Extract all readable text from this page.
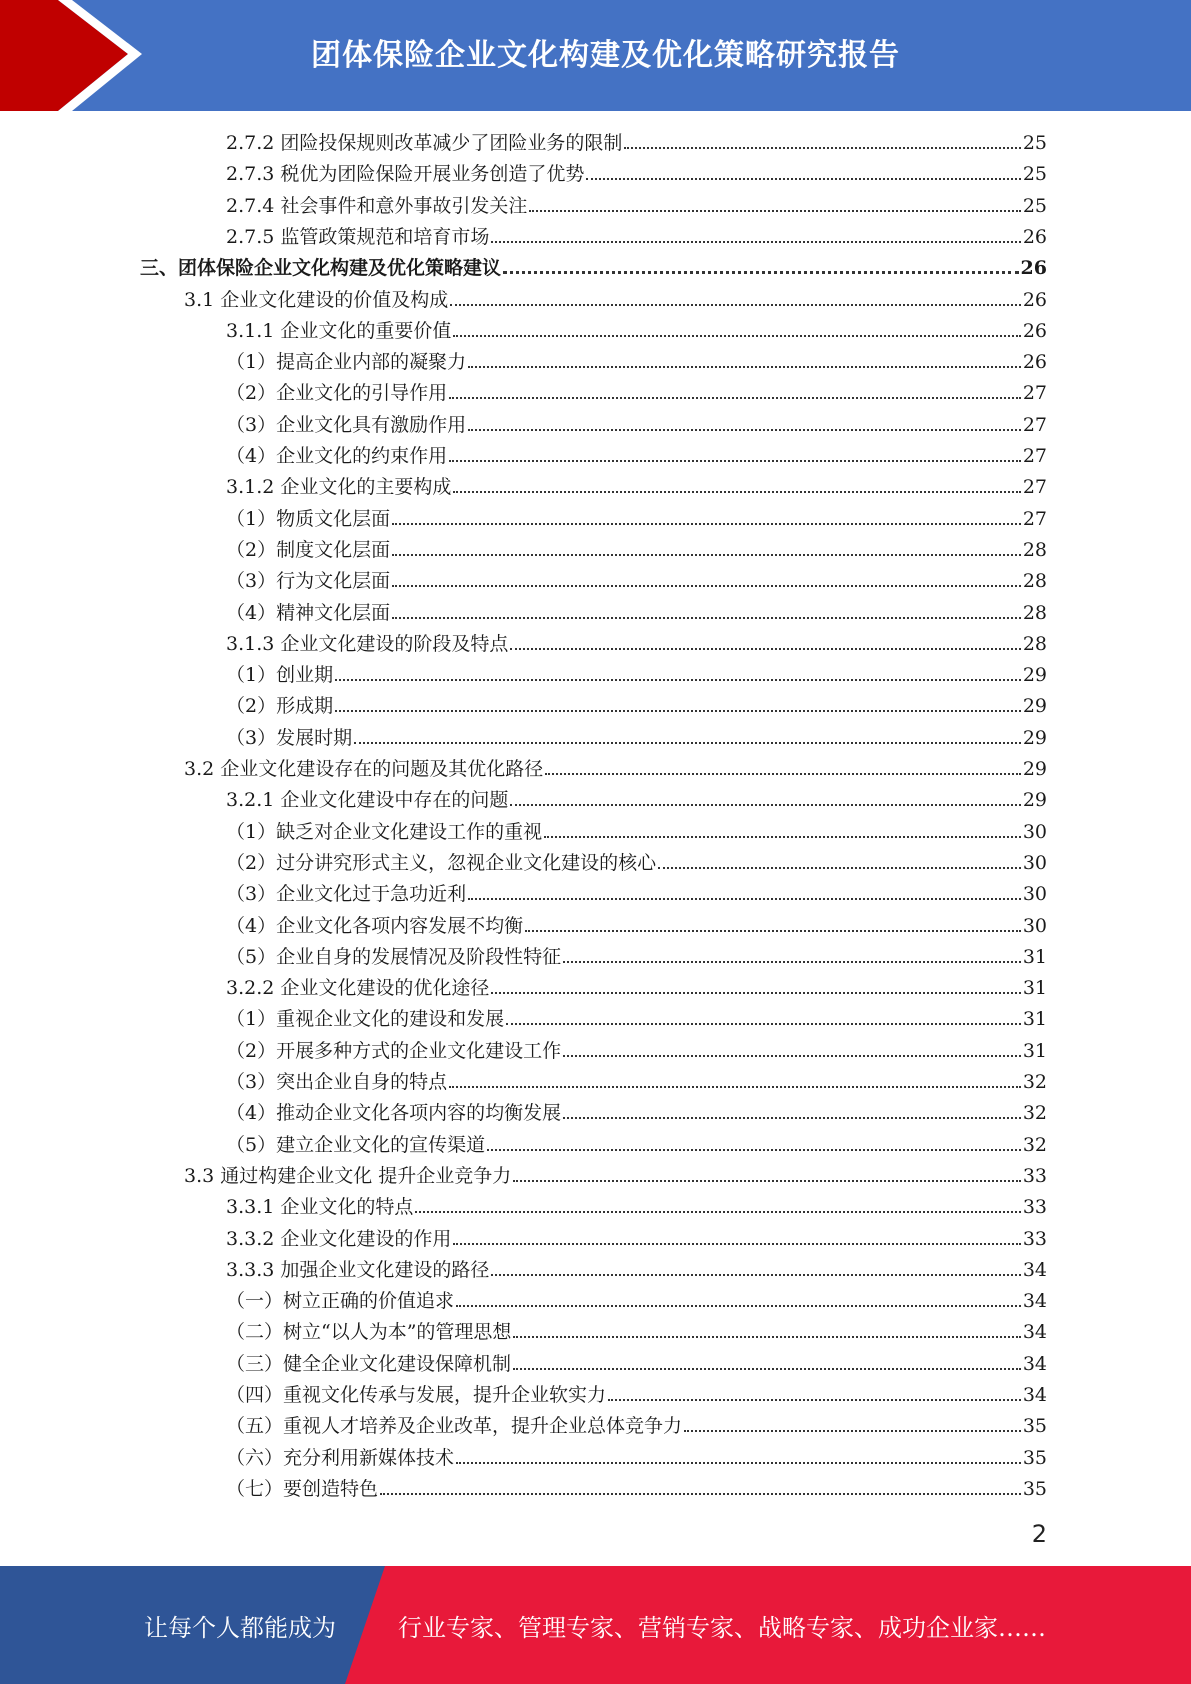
团体保险企业文化构建及优化策略研究报告
2.7.2 团险投保规则改革减少了团险业务的限制	25
2.7.3 税优为团险保险开展业务创造了优势	25
2.7.4 社会事件和意外事故引发关注	25
2.7.5 监管政策规范和培育市场	26
三、团体保险企业文化构建及优化策略建议	26
3.1 企业文化建设的价值及构成	26
3.1.1 企业文化的重要价值	26
（1）提高企业内部的凝聚力	26
（2）企业文化的引导作用	27
（3）企业文化具有激励作用	27
（4）企业文化的约束作用	27
3.1.2 企业文化的主要构成	27
（1）物质文化层面	27
（2）制度文化层面	28
（3）行为文化层面	28
（4）精神文化层面	28
3.1.3 企业文化建设的阶段及特点	28
（1）创业期	29
（2）形成期	29
（3）发展时期	29
3.2 企业文化建设存在的问题及其优化路径	29
3.2.1 企业文化建设中存在的问题	29
（1）缺乏对企业文化建设工作的重视	30
（2）过分讲究形式主义，忽视企业文化建设的核心	30
（3）企业文化过于急功近利	30
（4）企业文化各项内容发展不均衡	30
（5）企业自身的发展情况及阶段性特征	31
3.2.2 企业文化建设的优化途径	31
（1）重视企业文化的建设和发展	31
（2）开展多种方式的企业文化建设工作	31
（3）突出企业自身的特点	32
（4）推动企业文化各项内容的均衡发展	32
（5）建立企业文化的宣传渠道	32
3.3 通过构建企业文化 提升企业竞争力	33
3.3.1 企业文化的特点	33
3.3.2 企业文化建设的作用	33
3.3.3 加强企业文化建设的路径	34
（一）树立正确的价值追求	34
（二）树立“以人为本”的管理思想	34
（三）健全企业文化建设保障机制	34
（四）重视文化传承与发展，提升企业软实力	34
（五）重视人才培养及企业改革，提升企业总体竞争力	35
（六）充分利用新媒体技术	35
（七）要创造特色	35
2
让每个人都能成为	行业专家、管理专家、营销专家、战略专家、成功企业家……
